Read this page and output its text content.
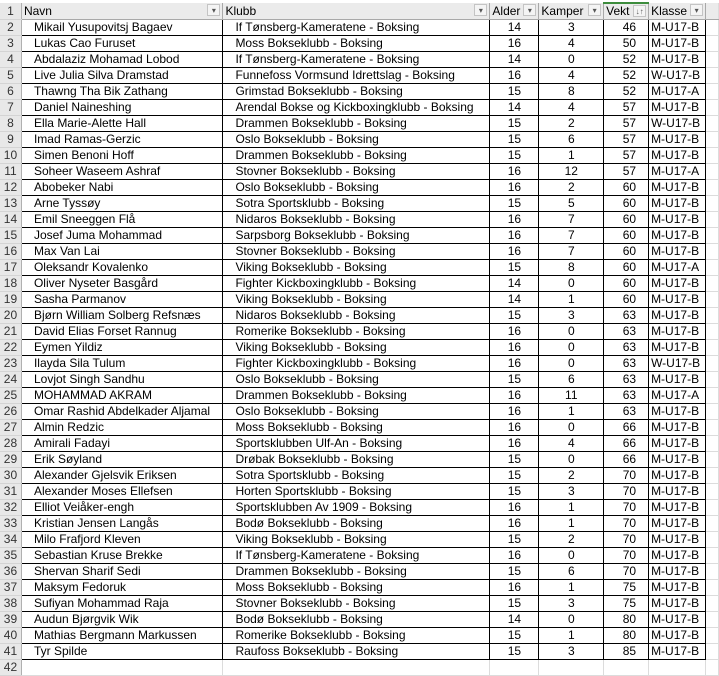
1	Navn	▾	Klubb	▾	Alder ▾	Kamper	▾	Vekt ↓↑	Klasse ▾

2	Mikail Yusupovitsj Bagaev	If Tønsberg-Kameratene - Boksing	14	3	46	M-U17-B	
3	Lukas Cao Furuset	Moss Bokseklubb - Boksing	16	4	50	M-U17-B	
4	Abdalaziz Mohamad Lobod	If Tønsberg-Kameratene - Boksing	14	0	52	M-U17-B	
5	Live Julia Silva Dramstad	Funnefoss Vormsund Idrettslag - Boksing	16	4	52	W-U17-B	
6	Thawng Tha Bik Zathang	Grimstad Bokseklubb - Boksing	15	8	52	M-U17-A	
7	Daniel Naineshing	Arendal Bokse og Kickboxingklubb - Boksing	14	4	57	M-U17-B	
8	Ella Marie-Alette Hall	Drammen Bokseklubb - Boksing	15	2	57	W-U17-B	
9	Imad Ramas-Gerzic	Oslo Bokseklubb - Boksing	15	6	57	M-U17-B	
10	Simen Benoni Hoff	Drammen Bokseklubb - Boksing	15	1	57	M-U17-B	
11	Soheer Waseem Ashraf	Stovner Bokseklubb - Boksing	16	12	57	M-U17-A	
12	Abobeker Nabi	Oslo Bokseklubb - Boksing	16	2	60	M-U17-B	
13	Arne Tyssøy	Sotra Sportsklubb - Boksing	15	5	60	M-U17-B	
14	Emil Sneeggen Flå	Nidaros Bokseklubb - Boksing	16	7	60	M-U17-B	
15	Josef Juma Mohammad	Sarpsborg Bokseklubb - Boksing	16	7	60	M-U17-B	
16	Max Van Lai	Stovner Bokseklubb - Boksing	16	7	60	M-U17-B	
17	Oleksandr Kovalenko	Viking Bokseklubb - Boksing	15	8	60	M-U17-A	
18	Oliver Nyseter Basgård	Fighter Kickboxingklubb - Boksing	14	0	60	M-U17-B	
19	Sasha Parmanov	Viking Bokseklubb - Boksing	14	1	60	M-U17-B	
20	Bjørn William Solberg Refsnæs	Nidaros Bokseklubb - Boksing	15	3	63	M-U17-B	
21	David Elias Forset Rannug	Romerike Bokseklubb - Boksing	16	0	63	M-U17-B	
22	Eymen Yildiz	Viking Bokseklubb - Boksing	16	0	63	M-U17-B	
23	Ilayda Sila Tulum	Fighter Kickboxingklubb - Boksing	16	0	63	W-U17-B	
24	Lovjot Singh Sandhu	Oslo Bokseklubb - Boksing	15	6	63	M-U17-B	
25	MOHAMMAD AKRAM	Drammen Bokseklubb - Boksing	16	11	63	M-U17-A	
26	Omar Rashid Abdelkader Aljamal	Oslo Bokseklubb - Boksing	16	1	63	M-U17-B	
27	Almin Redzic	Moss Bokseklubb - Boksing	16	0	66	M-U17-B	
28	Amirali Fadayi	Sportsklubben Ulf-An - Boksing	16	4	66	M-U17-B	
29	Erik Søyland	Drøbak Bokseklubb - Boksing	15	0	66	M-U17-B	
30	Alexander Gjelsvik Eriksen	Sotra Sportsklubb - Boksing	15	2	70	M-U17-B	
31	Alexander Moses Ellefsen	Horten Sportsklubb - Boksing	15	3	70	M-U17-B	
32	Elliot Veiåker-engh	Sportsklubben Av 1909 - Boksing	16	1	70	M-U17-B	
33	Kristian Jensen Langås	Bodø Bokseklubb - Boksing	16	1	70	M-U17-B	
34	Milo Frafjord Kleven	Viking Bokseklubb - Boksing	15	2	70	M-U17-B	
35	Sebastian Kruse Brekke	If Tønsberg-Kameratene - Boksing	16	0	70	M-U17-B	
36	Shervan Sharif Sedi	Drammen Bokseklubb - Boksing	15	6	70	M-U17-B	
37	Maksym Fedoruk	Moss Bokseklubb - Boksing	16	1	75	M-U17-B	
38	Sufiyan Mohammad Raja	Stovner Bokseklubb - Boksing	15	3	75	M-U17-B	
39	Audun Bjørgvik Wik	Bodø Bokseklubb - Boksing	14	0	80	M-U17-B	
40	Mathias Bergmann Markussen	Romerike Bokseklubb - Boksing	15	1	80	M-U17-B	
41	Tyr Spilde	Raufoss Bokseklubb - Boksing	15	3	85	M-U17-B	
42							
